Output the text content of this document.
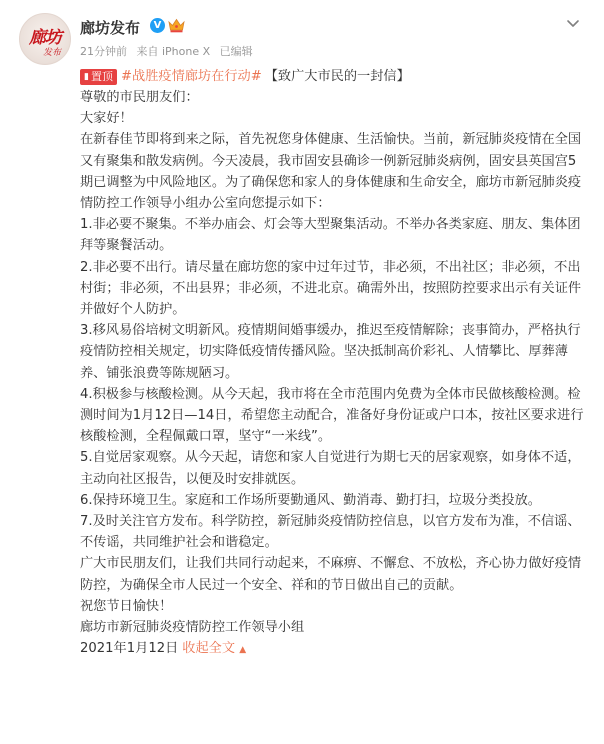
廊坊
发布
廊坊发布	V
21分钟前 来自 iPhone X 已编辑
▮ 置顶 #战胜疫情廊坊在行动# 【致广大市民的一封信】

尊敬的市民朋友们：

大家好！

在新春佳节即将到来之际，首先祝您身体健康、生活愉快。当前，新冠肺炎疫情在全国又有聚集和散发病例。今天凌晨，我市固安县确诊一例新冠肺炎病例，固安县英国宫5期已调整为中风险地区。为了确保您和家人的身体健康和生命安全，廊坊市新冠肺炎疫情防控工作领导小组办公室向您提示如下：

1.非必要不聚集。不举办庙会、灯会等大型聚集活动。不举办各类家庭、朋友、集体团拜等聚餐活动。

2.非必要不出行。请尽量在廊坊您的家中过年过节，非必须，不出社区；非必须，不出村街；非必须，不出县界；非必须，不进北京。确需外出，按照防控要求出示有关证件并做好个人防护。

3.移风易俗培树文明新风。疫情期间婚事缓办，推迟至疫情解除；丧事简办，严格执行疫情防控相关规定，切实降低疫情传播风险。坚决抵制高价彩礼、人情攀比、厚葬薄养、铺张浪费等陈规陋习。

4.积极参与核酸检测。从今天起，我市将在全市范围内免费为全体市民做核酸检测。检测时间为1月12日—14日，希望您主动配合，准备好身份证或户口本，按社区要求进行核酸检测，全程佩戴口罩，坚守“一米线”。

5.自觉居家观察。从今天起，请您和家人自觉进行为期七天的居家观察，如身体不适，主动向社区报告，以便及时安排就医。

6.保持环境卫生。家庭和工作场所要勤通风、勤消毒、勤打扫，垃圾分类投放。

7.及时关注官方发布。科学防控，新冠肺炎疫情防控信息，以官方发布为准，不信谣、不传谣，共同维护社会和谐稳定。

广大市民朋友们，让我们共同行动起来，不麻痹、不懈怠、不放松，齐心协力做好疫情防控，为确保全市人民过一个安全、祥和的节日做出自己的贡献。

祝您节日愉快！

廊坊市新冠肺炎疫情防控工作领导小组

2021年1月12日 收起全文 ▲
